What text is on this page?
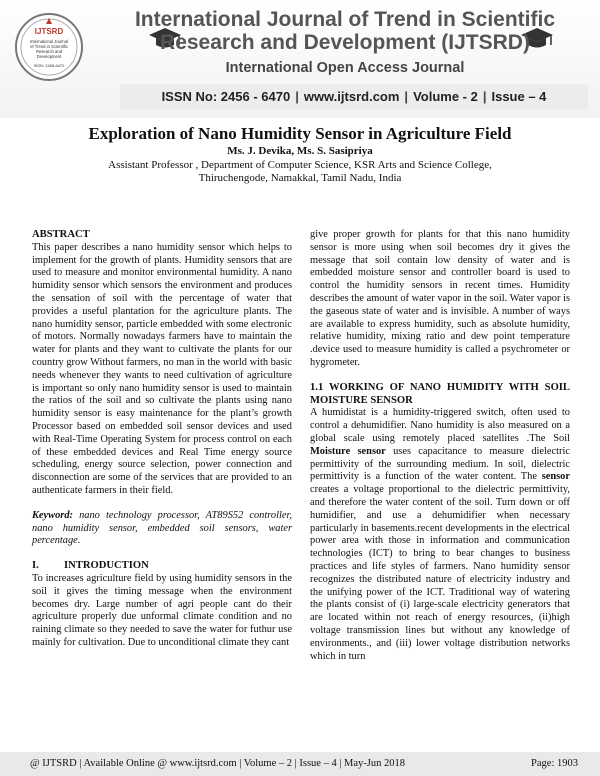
IJTSRD
International Journal
of Trend in Scientific
Research and
Development
ISSN: 2456-6470
International Journal of Trend in Scientific
Research and Development (IJTSRD)
International Open Access Journal
ISSN No: 2456 - 6470 | www.ijtsrd.com | Volume - 2 | Issue – 4
Exploration of Nano Humidity Sensor in Agriculture Field
Ms. J. Devika, Ms. S. Sasipriya
Assistant Professor , Department of Computer Science, KSR Arts and Science College,
Thiruchengode, Namakkal, Tamil Nadu, India

ABSTRACT

This paper describes a nano humidity sensor which helps to implement for the growth of plants. Humidity sensors that are used to measure and monitor environmental humidity. A nano humidity sensor which sensors the environment and produces the sensation of soil with the percentage of water that provides a useful plantation for the agriculture plants. The nano humidity sensor, particle embedded with some electronic of motors. Normally nowadays farmers have to maintain the water for plants and they want to cultivate the plants for our country grow Without farmers, no man in the world with basic needs whenever they wants to need cultivation of agriculture is important so only nano humidity sensor is used to maintain the ratios of the soil and so cultivate the plants using nano humidity sensor is easy maintenance for the plant’s growth Processor based on embedded soil sensor devices and used with Real-Time Operating System for process control on each of these embedded devices and Real Time energy source scheduling, energy source selection, power connection and disconnection are some of the services that are provided to an authenticate farmers in their field.

Keyword: nano technology processor, AT89S52 controller, nano humidity sensor, embedded soil sensors, water percentage.

I. INTRODUCTION

To increases agriculture field by using humidity sensors in the soil it gives the timing message when the environment becomes dry. Large number of agri people cant do their agriculture properly due unformal climate condition and no raining climate so they needed to save the water for futhur use mainly for cultivation. Due to unconditional climate they cant

give proper growth for plants for that this nano humidity sensor is more using when soil becomes dry it gives the message that soil contain low density of water and is embedded moisture sensor and controller board is used to control the humidity sensors in recent times. Humidity describes the amount of water vapor in the soil. Water vapor is the gaseous state of water and is invisible. A number of ways are available to express humidity, such as absolute humidity, relative humidity, mixing ratio and dew point temperature .device used to measure humidity is called a psychrometer or hygrometer.

1.1 WORKING OF NANO HUMIDITY WITH SOIL MOISTURE SENSOR

A humidistat is a humidity-triggered switch, often used to control a dehumidifier. Nano humidity is also measured on a global scale using remotely placed satellites .The Soil Moisture sensor uses capacitance to measure dielectric permittivity of the surrounding medium. In soil, dielectric permittivity is a function of the water content. The sensor creates a voltage proportional to the dielectric permittivity, and therefore the water content of the soil. Turn down or off humidifier, and use a dehumidifier when necessary particularly in basements.recent developments in the electrical power area with those in information and communication technologies (ICT) to bring to bear changes to business practices and life styles of farmers. Nano humidity sensor recognizes the distributed nature of electricity industry and the unifying power of the ICT. Traditional way of watering the plants consist of (i) large-scale electricity generators that are located within not reach of energy resources, (ii)high voltage transmission lines but without any knowledge of environments., and (iii) lower voltage distribution networks which in turn

@ IJTSRD | Available Online @ www.ijtsrd.com | Volume – 2 | Issue – 4 | May-Jun 2018	Page: 1903
